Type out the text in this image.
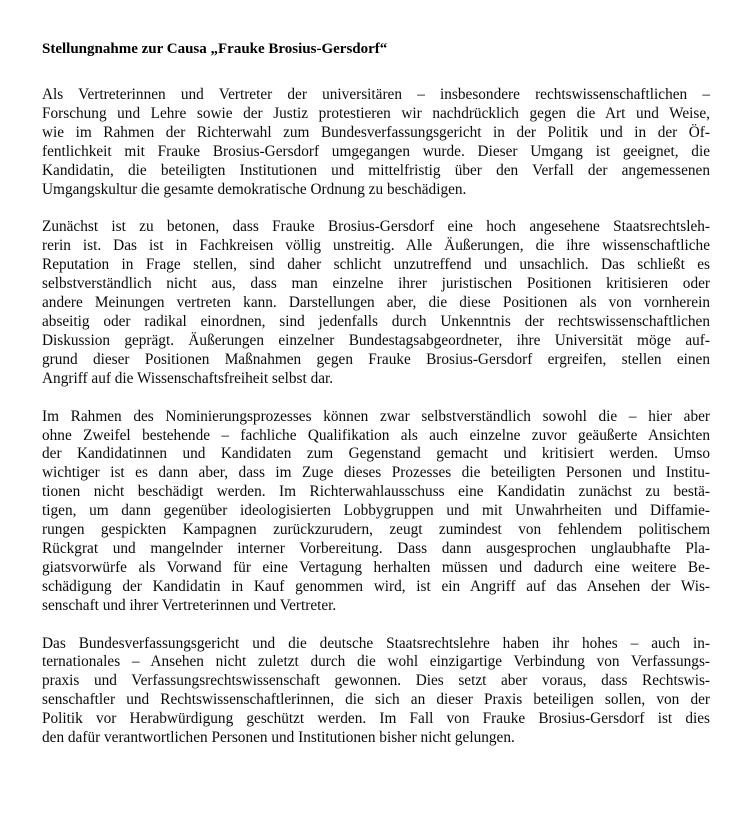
Stellungnahme zur Causa „Frauke Brosius-Gersdorf“

Als Vertreterinnen und Vertreter der universitären – insbesondere rechtswissenschaftlichen –
Forschung und Lehre sowie der Justiz protestieren wir nachdrücklich gegen die Art und Weise,
wie im Rahmen der Richterwahl zum Bundesverfassungsgericht in der Politik und in der Öf-
fentlichkeit mit Frauke Brosius-Gersdorf umgegangen wurde. Dieser Umgang ist geeignet, die
Kandidatin, die beteiligten Institutionen und mittelfristig über den Verfall der angemessenen
Umgangskultur die gesamte demokratische Ordnung zu beschädigen.
Zunächst ist zu betonen, dass Frauke Brosius-Gersdorf eine hoch angesehene Staatsrechtsleh-
rerin ist. Das ist in Fachkreisen völlig unstreitig. Alle Äußerungen, die ihre wissenschaftliche
Reputation in Frage stellen, sind daher schlicht unzutreffend und unsachlich. Das schließt es
selbstverständlich nicht aus, dass man einzelne ihrer juristischen Positionen kritisieren oder
andere Meinungen vertreten kann. Darstellungen aber, die diese Positionen als von vornherein
abseitig oder radikal einordnen, sind jedenfalls durch Unkenntnis der rechtswissenschaftlichen
Diskussion geprägt. Äußerungen einzelner Bundestagsabgeordneter, ihre Universität möge auf-
grund dieser Positionen Maßnahmen gegen Frauke Brosius-Gersdorf ergreifen, stellen einen
Angriff auf die Wissenschaftsfreiheit selbst dar.
Im Rahmen des Nominierungsprozesses können zwar selbstverständlich sowohl die – hier aber
ohne Zweifel bestehende – fachliche Qualifikation als auch einzelne zuvor geäußerte Ansichten
der Kandidatinnen und Kandidaten zum Gegenstand gemacht und kritisiert werden. Umso
wichtiger ist es dann aber, dass im Zuge dieses Prozesses die beteiligten Personen und Institu-
tionen nicht beschädigt werden. Im Richterwahlausschuss eine Kandidatin zunächst zu bestä-
tigen, um dann gegenüber ideologisierten Lobbygruppen und mit Unwahrheiten und Diffamie-
rungen gespickten Kampagnen zurückzurudern, zeugt zumindest von fehlendem politischem
Rückgrat und mangelnder interner Vorbereitung. Dass dann ausgesprochen unglaubhafte Pla-
giatsvorwürfe als Vorwand für eine Vertagung herhalten müssen und dadurch eine weitere Be-
schädigung der Kandidatin in Kauf genommen wird, ist ein Angriff auf das Ansehen der Wis-
senschaft und ihrer Vertreterinnen und Vertreter.
Das Bundesverfassungsgericht und die deutsche Staatsrechtslehre haben ihr hohes – auch in-
ternationales – Ansehen nicht zuletzt durch die wohl einzigartige Verbindung von Verfassungs-
praxis und Verfassungsrechtswissenschaft gewonnen. Dies setzt aber voraus, dass Rechtswis-
senschaftler und Rechtswissenschaftlerinnen, die sich an dieser Praxis beteiligen sollen, von der
Politik vor Herabwürdigung geschützt werden. Im Fall von Frauke Brosius-Gersdorf ist dies
den dafür verantwortlichen Personen und Institutionen bisher nicht gelungen.
